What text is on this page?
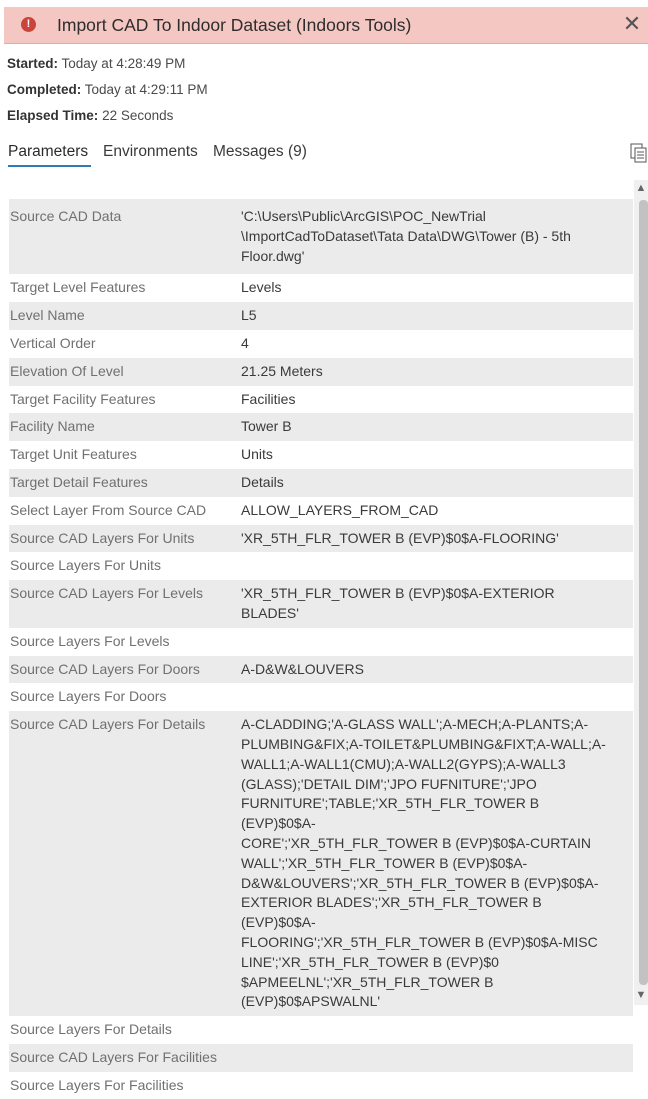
!	Import CAD To Indoor Dataset (Indoors Tools)	✕
Started: Today at 4:28:49 PM
Completed: Today at 4:29:11 PM
Elapsed Time: 22 Seconds
Parameters Environments Messages (9)
Source CAD Data	'C:\Users\Public\ArcGIS\POC_NewTrial
\ImportCadToDataset\Tata Data\DWG\Tower (B) - 5th
Floor.dwg'
Target Level Features	Levels
Level Name	L5
Vertical Order	4
Elevation Of Level	21.25 Meters
Target Facility Features	Facilities
Facility Name	Tower B
Target Unit Features	Units
Target Detail Features	Details
Select Layer From Source CAD	ALLOW_LAYERS_FROM_CAD
Source CAD Layers For Units	'XR_5TH_FLR_TOWER B (EVP)$0$A-FLOORING'
Source Layers For Units
Source CAD Layers For Levels	'XR_5TH_FLR_TOWER B (EVP)$0$A-EXTERIOR BLADES'
Source Layers For Levels
Source CAD Layers For Doors	A-D&W&LOUVERS
Source Layers For Doors
Source CAD Layers For Details	A-CLADDING;'A-GLASS WALL';A-MECH;A-PLANTS;A-
PLUMBING&FIX;A-TOILET&PLUMBING&FIXT;A-WALL;A-
WALL1;A-WALL1(CMU);A-WALL2(GYPS);A-WALL3
(GLASS);'DETAIL DIM';'JPO FUFNITURE';'JPO
FURNITURE';TABLE;'XR_5TH_FLR_TOWER B (EVP)$0$A-
CORE';'XR_5TH_FLR_TOWER B (EVP)$0$A-CURTAIN
WALL';'XR_5TH_FLR_TOWER B (EVP)$0$A-
D&W&LOUVERS';'XR_5TH_FLR_TOWER B (EVP)$0$A-
EXTERIOR BLADES';'XR_5TH_FLR_TOWER B (EVP)$0$A-
FLOORING';'XR_5TH_FLR_TOWER B (EVP)$0$A-MISC
LINE';'XR_5TH_FLR_TOWER B (EVP)$0
$APMEELNL';'XR_5TH_FLR_TOWER B (EVP)$0$APSWALNL'
Source Layers For Details
Source CAD Layers For Facilities
Source Layers For Facilities
▲
▼
